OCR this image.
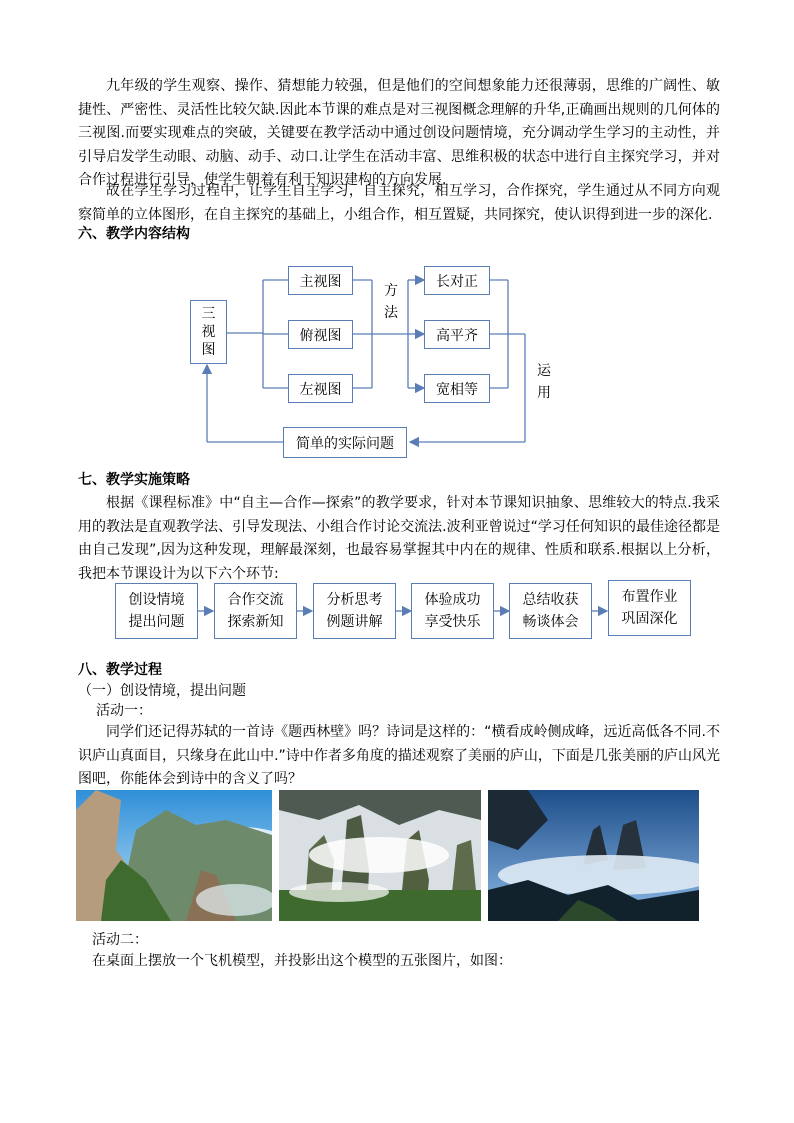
九年级的学生观察、操作、猜想能力较强，但是他们的空间想象能力还很薄弱，思维的广阔性、敏捷性、严密性、灵活性比较欠缺.因此本节课的难点是对三视图概念理解的升华,正确画出规则的几何体的三视图.而要实现难点的突破，关键要在教学活动中通过创设问题情境，充分调动学生学习的主动性，并引导启发学生动眼、动脑、动手、动口.让学生在活动丰富、思维积极的状态中进行自主探究学习，并对合作过程进行引导，使学生朝着有利于知识建构的方向发展.
故在学生学习过程中，让学生自主学习，自主探究，相互学习，合作探究，学生通过从不同方向观察简单的立体图形，在自主探究的基础上，小组合作，相互置疑，共同探究，使认识得到进一步的深化.
六、教学内容结构
三
视
图
主视图
俯视图
左视图
方
法
长对正
高平齐
宽相等
运
用
简单的实际问题
七、教学实施策略
根据《课程标准》中“自主—合作—探索”的教学要求，针对本节课知识抽象、思维较大的特点.我采用的教法是直观教学法、引导发现法、小组合作讨论交流法.波利亚曾说过“学习任何知识的最佳途径都是由自己发现”,因为这种发现，理解最深刻，也最容易掌握其中内在的规律、性质和联系.根据以上分析，我把本节课设计为以下六个环节:
创设情境
提出问题
合作交流
探索新知
分析思考
例题讲解
体验成功
享受快乐
总结收获
畅谈体会
布置作业
巩固深化
八、教学过程
（一）创设情境，提出问题
活动一：
同学们还记得苏轼的一首诗《题西林壁》吗？诗词是这样的：“横看成岭侧成峰，远近高低各不同.不识庐山真面目，只缘身在此山中.”诗中作者多角度的描述观察了美丽的庐山，下面是几张美丽的庐山风光图吧，你能体会到诗中的含义了吗？
活动二：
在桌面上摆放一个飞机模型，并投影出这个模型的五张图片，如图：
